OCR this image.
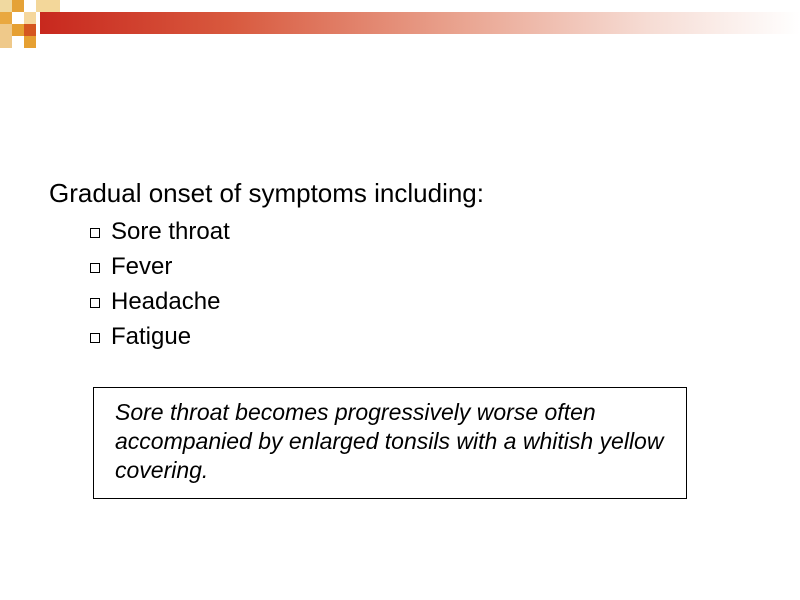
Gradual onset of symptoms including:
Sore throat
Fever
Headache
Fatigue

Sore throat becomes progressively worse often accompanied by enlarged tonsils with a whitish yellow covering.
